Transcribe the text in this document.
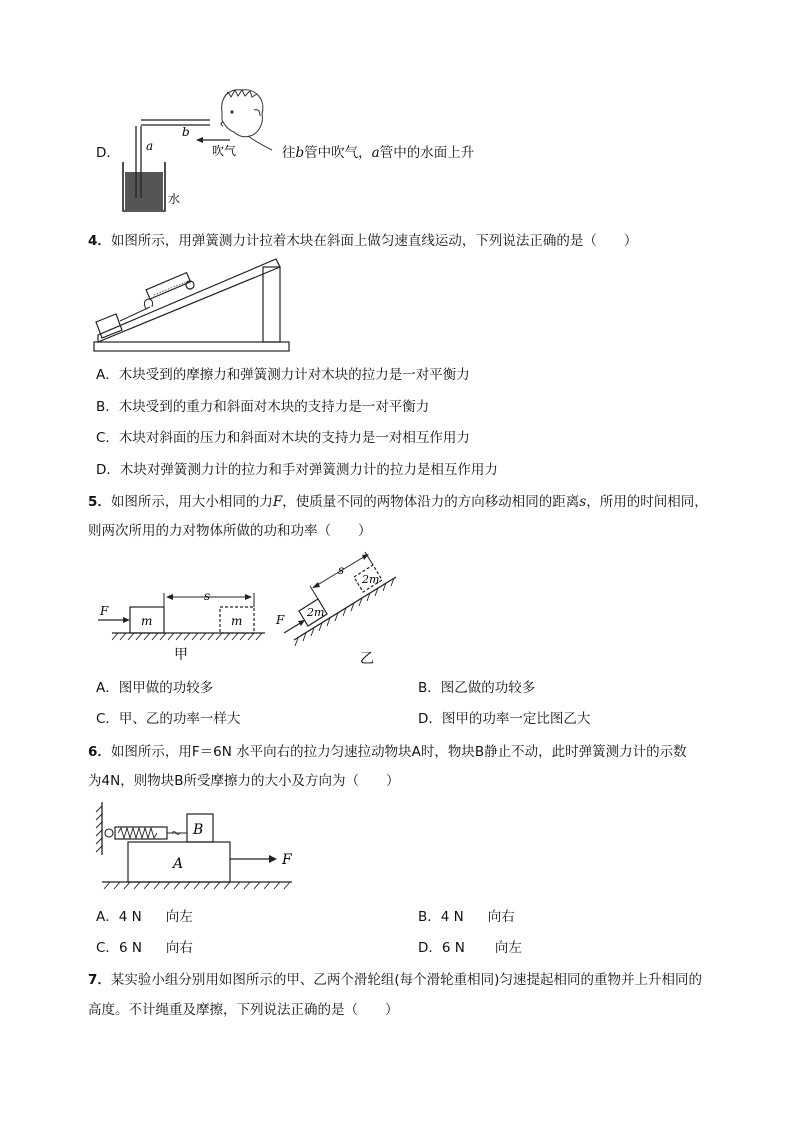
D． a
b
吹气
水
往b管中吹气，a管中的水面上升
4．如图所示，用弹簧测力计拉着木块在斜面上做匀速直线运动，下列说法正确的是（　　）
A．木块受到的摩擦力和弹簧测力计对木块的拉力是一对平衡力
B．木块受到的重力和斜面对木块的支持力是一对平衡力
C．木块对斜面的压力和斜面对木块的支持力是一对相互作用力
D．木块对弹簧测力计的拉力和手对弹簧测力计的拉力是相互作用力
5．如图所示，用大小相同的力F，使质量不同的两物体沿力的方向移动相同的距离s，所用的时间相同，
则两次所用的力对物体所做的功和功率（　　）
F
m
s
m
甲
F
2m
s
2m
乙
A．图甲做的功较多	B．图乙做的功较多
C．甲、乙的功率一样大	D．图甲的功率一定比图乙大
6．如图所示，用F＝6N 水平向右的拉力匀速拉动物块A时，物块B静止不动，此时弹簧测力计的示数
为4N，则物块B所受摩擦力的大小及方向为（　　）
B
A	F
A．4 N 向左	B．4 N 向右
C．6 N 向右	D．6 N 向左
7．某实验小组分别用如图所示的甲、乙两个滑轮组(每个滑轮重相同)匀速提起相同的重物并上升相同的
高度。不计绳重及摩擦，下列说法正确的是（　　）
